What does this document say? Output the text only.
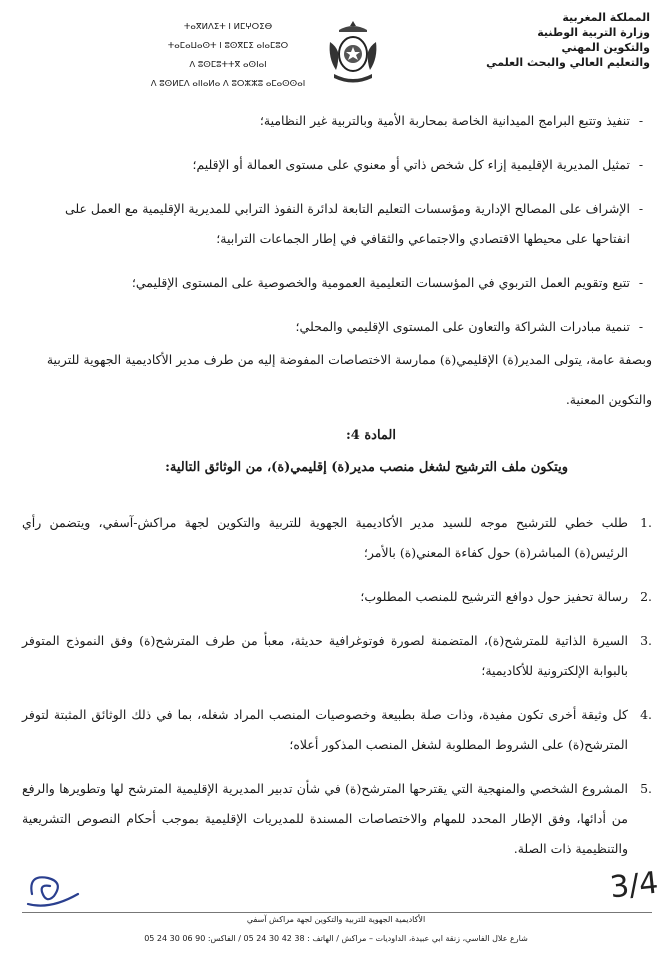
المملكة المغربية
وزارة التربية الوطنية
والتكوين المهني
والتعليم العالي والبحث العلمي
ⵜⴰⴳⵍⴷⵉⵜ ⵏ ⵍⵎⵖⵔⵉⴱ
ⵜⴰⵎⴰⵡⴰⵙⵜ ⵏ ⵓⵙⴳⵎⵉ ⴰⵏⴰⵎⵓⵔ
ⴷ ⵓⵙⵎⵓⵜⵜⴳ ⴰⵙⵏⴰⵏ
ⴷ ⵓⵙⵍⵎⴷ ⴰⵏⵏⴰⵍⴰ ⴷ ⵓⵔⵣⵣⵓ ⴰⵎⴰⵙⵙⴰⵏ
-
تنفيذ وتتبع البرامج الميدانية الخاصة بمحاربة الأمية وبالتربية غير النظامية؛
-
تمثيل المديرية الإقليمية إزاء كل شخص ذاتي أو معنوي على مستوى العمالة أو الإقليم؛
-
الإشراف على المصالح الإدارية ومؤسسات التعليم التابعة لدائرة النفوذ الترابي للمديرية الإقليمية مع العمل على انفتاحها على محيطها الاقتصادي والاجتماعي والثقافي في إطار الجماعات الترابية؛
-
تتبع وتقويم العمل التربوي في المؤسسات التعليمية العمومية والخصوصية على المستوى الإقليمي؛
-
تنمية مبادرات الشراكة والتعاون على المستوى الإقليمي والمحلي؛
وبصفة عامة، يتولى المدير(ة) الإقليمي(ة) ممارسة الاختصاصات المفوضة إليه من طرف مدير الأكاديمية الجهوية للتربية والتكوين المعنية.
المادة 4:
ويتكون ملف الترشيح لشغل منصب مدير(ة) إقليمي(ة)، من الوثائق التالية:
1.
طلب خطي للترشيح موجه للسيد مدير الأكاديمية الجهوية للتربية والتكوين لجهة مراكش-آسفي، ويتضمن رأي الرئيس(ة) المباشر(ة) حول كفاءة المعني(ة) بالأمر؛
2.
رسالة تحفيز حول دوافع الترشيح للمنصب المطلوب؛
3.
السيرة الذاتية للمترشح(ة)، المتضمنة لصورة فوتوغرافية حديثة، معبأ من طرف المترشح(ة) وفق النموذج المتوفر بالبوابة الإلكترونية للأكاديمية؛
4.
كل وثيقة أخرى تكون مفيدة، وذات صلة بطبيعة وخصوصيات المنصب المراد شغله، بما في ذلك الوثائق المثبتة لتوفر المترشح(ة) على الشروط المطلوبة لشغل المنصب المذكور أعلاه؛
5.
المشروع الشخصي والمنهجية التي يقترحها المترشح(ة) في شأن تدبير المديرية الإقليمية المترشح لها وتطويرها والرفع من أدائها، وفق الإطار المحدد للمهام والاختصاصات المسندة للمديريات الإقليمية بموجب أحكام النصوص التشريعية والتنظيمية ذات الصلة.
3/4
الأكاديمية الجهوية للتربية والتكوين لجهة مراكش آسفي
شارع علال الفاسي، زنقة ابي عبيدة، الداوديات – مراكش / الهاتف : 38 42 30 24 05 / الفاكس: 90 06 30 24 05
